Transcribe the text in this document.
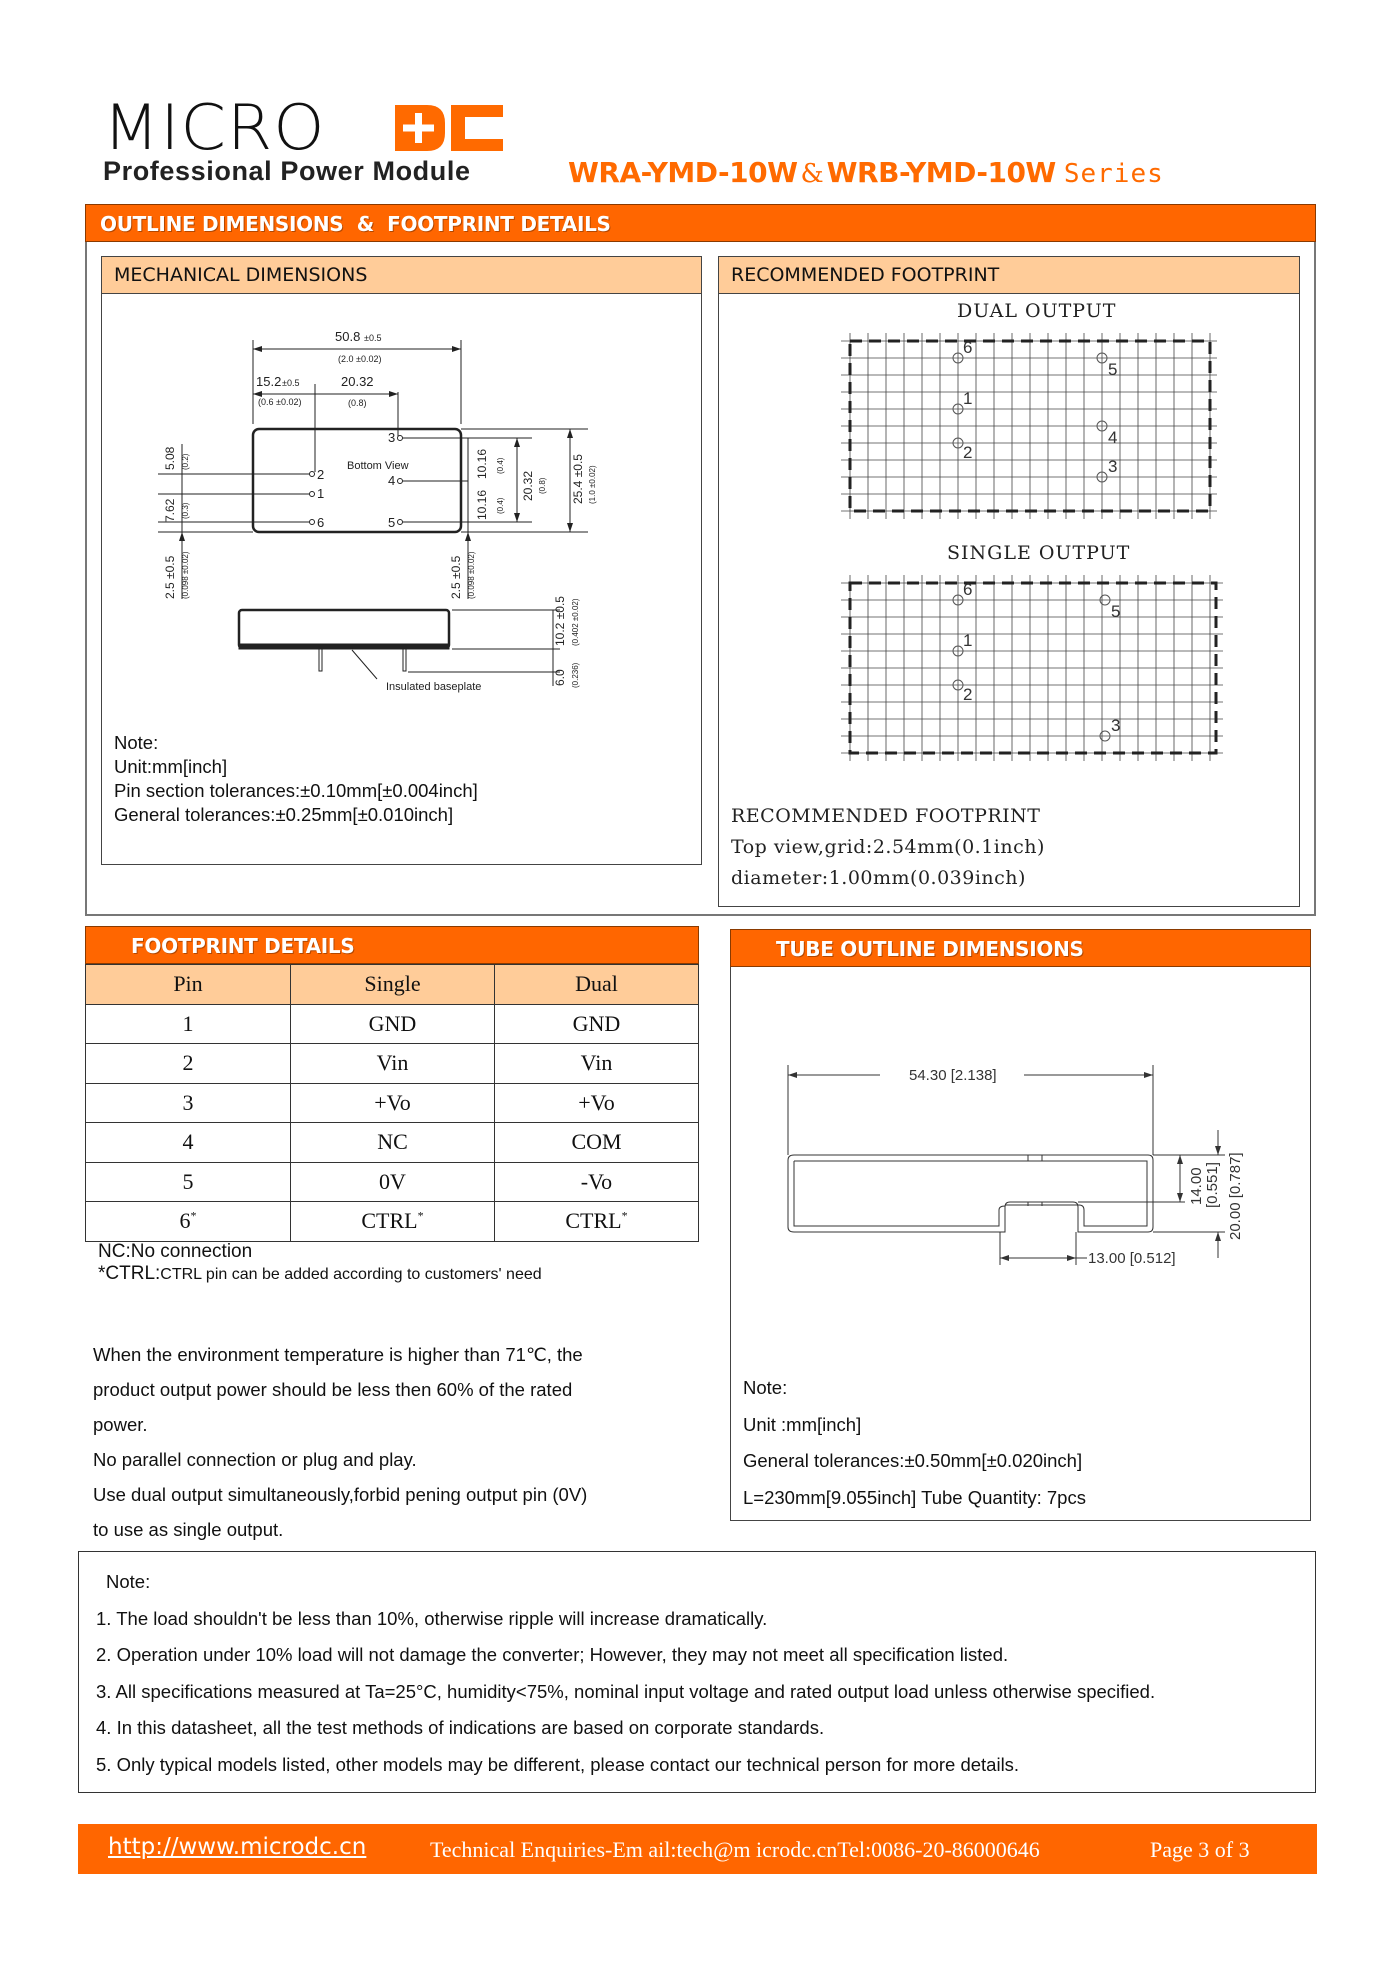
MICRO
Professional Power Module	WRA-YMD-10W & WRB-YMD-10W Series
OUTLINE DIMENSIONS  &  FOOTPRINT DETAILS
MECHANICAL DIMENSIONS
50.8 ±0.5
(2.0 ±0.02)
15.2 ±0.5
(0.6 ±0.02)
20.32
(0.8)
Bottom View
3
4
5
2
1
6
Insulated baseplate
5.08 (0.2)
7.62 (0.3)
2.5 ±0.5 (0.098 ±0.02)	2.5 ±0.5 (0.098 ±0.02)
10.16 (0.4)
10.16 (0.4)
20.32 (0.8) 25.4 ±0.5 (1.0 ±0.02)
10.2 ±0.5 (0.402 ±0.02)
6.0 (0.236)
Note:
Unit:mm[inch]
Pin section tolerances:±0.10mm[±0.004inch]
General tolerances:±0.25mm[±0.010inch]
RECOMMENDED FOOTPRINT
DUAL OUTPUT
6
1
2
5
4
3
SINGLE OUTPUT
6
1
2
5
3
RECOMMENDED FOOTPRINT
Top view,grid:2.54mm(0.1inch)
diameter:1.00mm(0.039inch)
FOOTPRINT DETAILS
Pin	Single	Dual
1	GND	GND
2	Vin	Vin
3	+Vo	+Vo
4	NC	COM
5	0V	-Vo
6*	CTRL*	CTRL*
NC:No connection
*CTRL:CTRL pin can be added according to customers' need
When the environment temperature is higher than 71℃, the
product output power should be less then 60% of the rated
power.
No parallel connection or plug and play.
Use dual output simultaneously,forbid pening output pin (0V)
to use as single output.
TUBE OUTLINE DIMENSIONS
54.30 [2.138]
13.00 [0.512]
14.00 [0.551] 20.00 [0.787]
Note:
Unit :mm[inch]
General tolerances:±0.50mm[±0.020inch]
L=230mm[9.055inch] Tube Quantity: 7pcs
Note:
1. The load shouldn't be less than 10%, otherwise ripple will increase dramatically.
2. Operation under 10% load will not damage the converter; However, they may not meet all specification listed.
3. All specifications measured at Ta=25°C, humidity<75%, nominal input voltage and rated output load unless otherwise specified.
4. In this datasheet, all the test methods of indications are based on corporate standards.
5. Only typical models listed, other models may be different, please contact our technical person for more details.
http://www.microdc.cn	Technical Enquiries-Em ail:tech@m icrodc.cnTel:0086-20-86000646	Page 3 of 3
